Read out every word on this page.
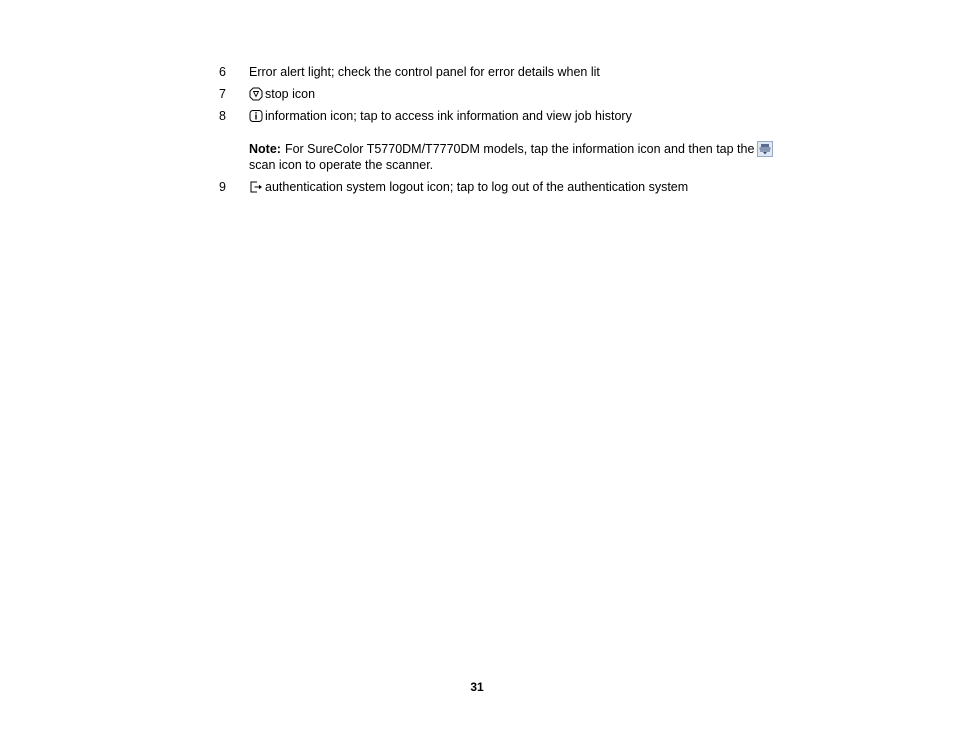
6	Error alert light; check the control panel for error details when lit
7	stop icon
8	information icon; tap to access ink information and view job history
Note: For SureColor T5770DM/T7770DM models, tap the information icon and then tap the
scan icon to operate the scanner.
9	authentication system logout icon; tap to log out of the authentication system
31
